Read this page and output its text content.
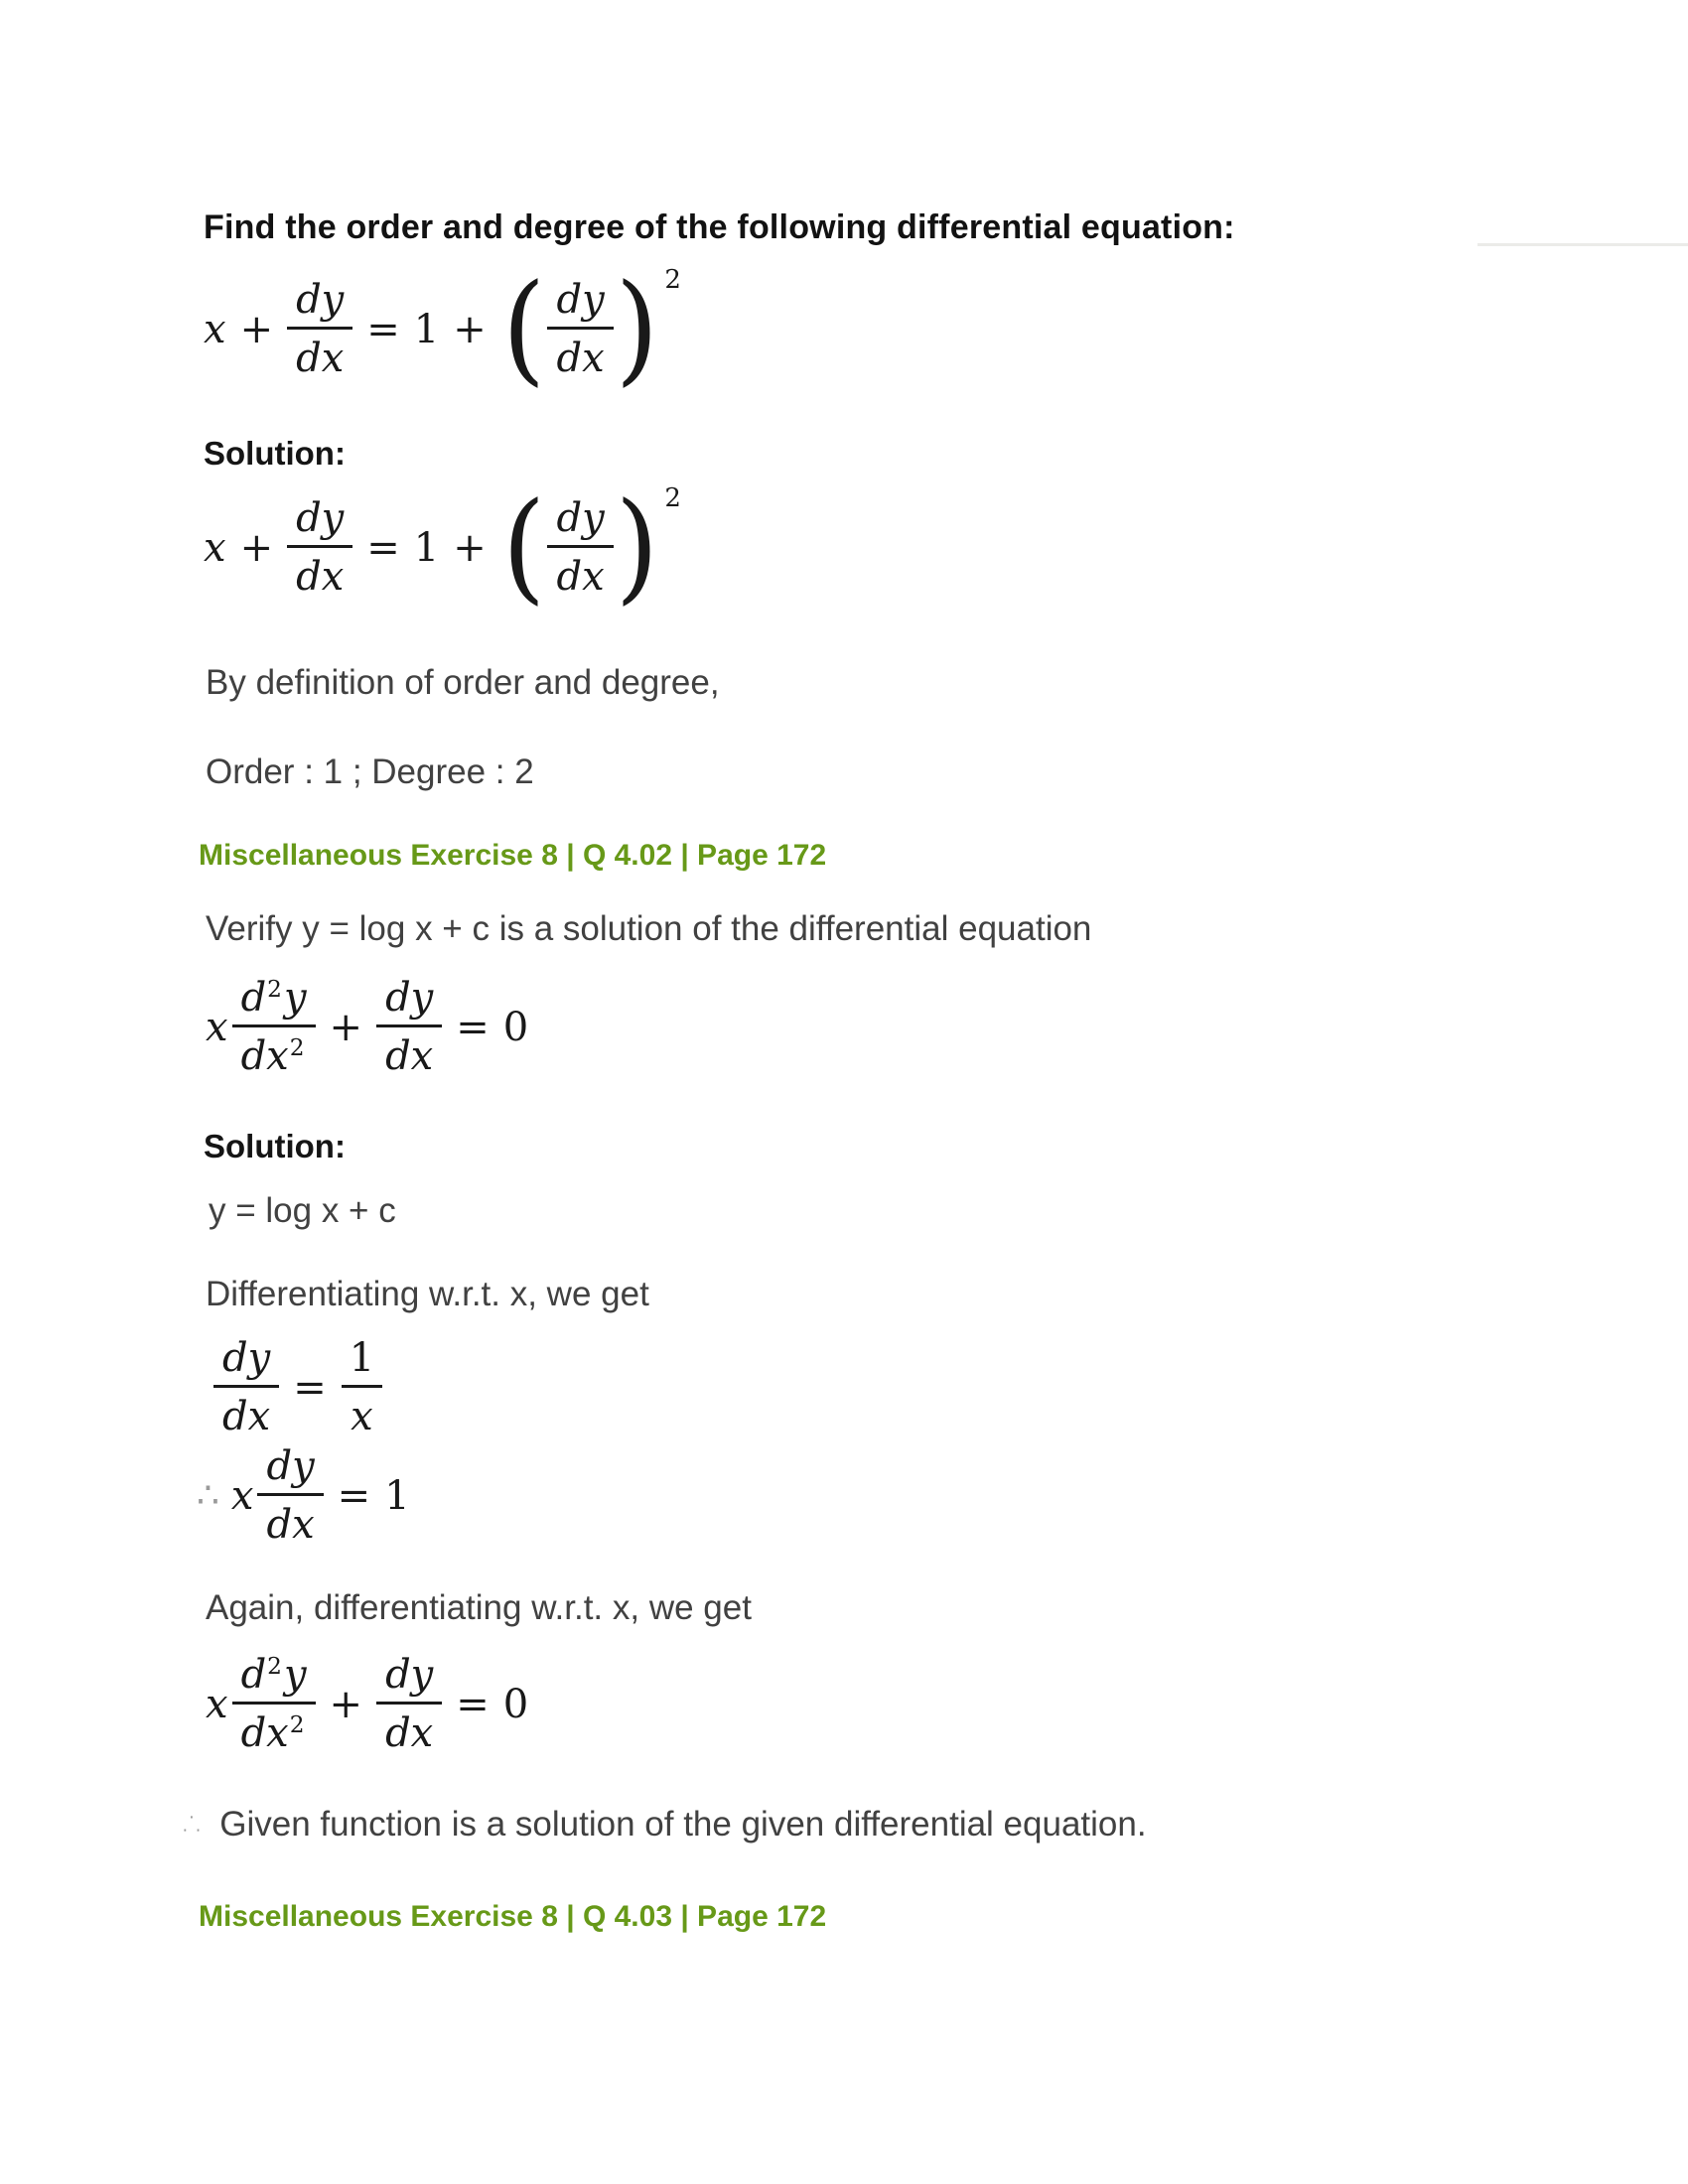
Find the order and degree of the following differential equation:
$x + \frac{dy}{dx} = 1$ + ( $\frac{dy}{dx}$ ) 2
Solution:
$x + \frac{dy}{dx} = 1$ + ( $\frac{dy}{dx}$ ) 2
By definition of order and degree,
Order : 1 ; Degree : 2
Miscellaneous Exercise 8 | Q 4.02 | Page 172
Verify y = log x + c is a solution of the differential equation
x $\frac{d^2y}{dx^2} + \frac{dy}{dx} = 0$
Solution:
y = log x + c
Differentiating w.r.t. x, we get
$\frac{dy}{dx} = \frac{1}{x}$
∴ x $\frac{dy}{dx} = 1$
Again, differentiating w.r.t. x, we get
x $\frac{d^2y}{dx^2} + \frac{dy}{dx} = 0$
∴ Given function is a solution of the given differential equation.
Miscellaneous Exercise 8 | Q 4.03 | Page 172
